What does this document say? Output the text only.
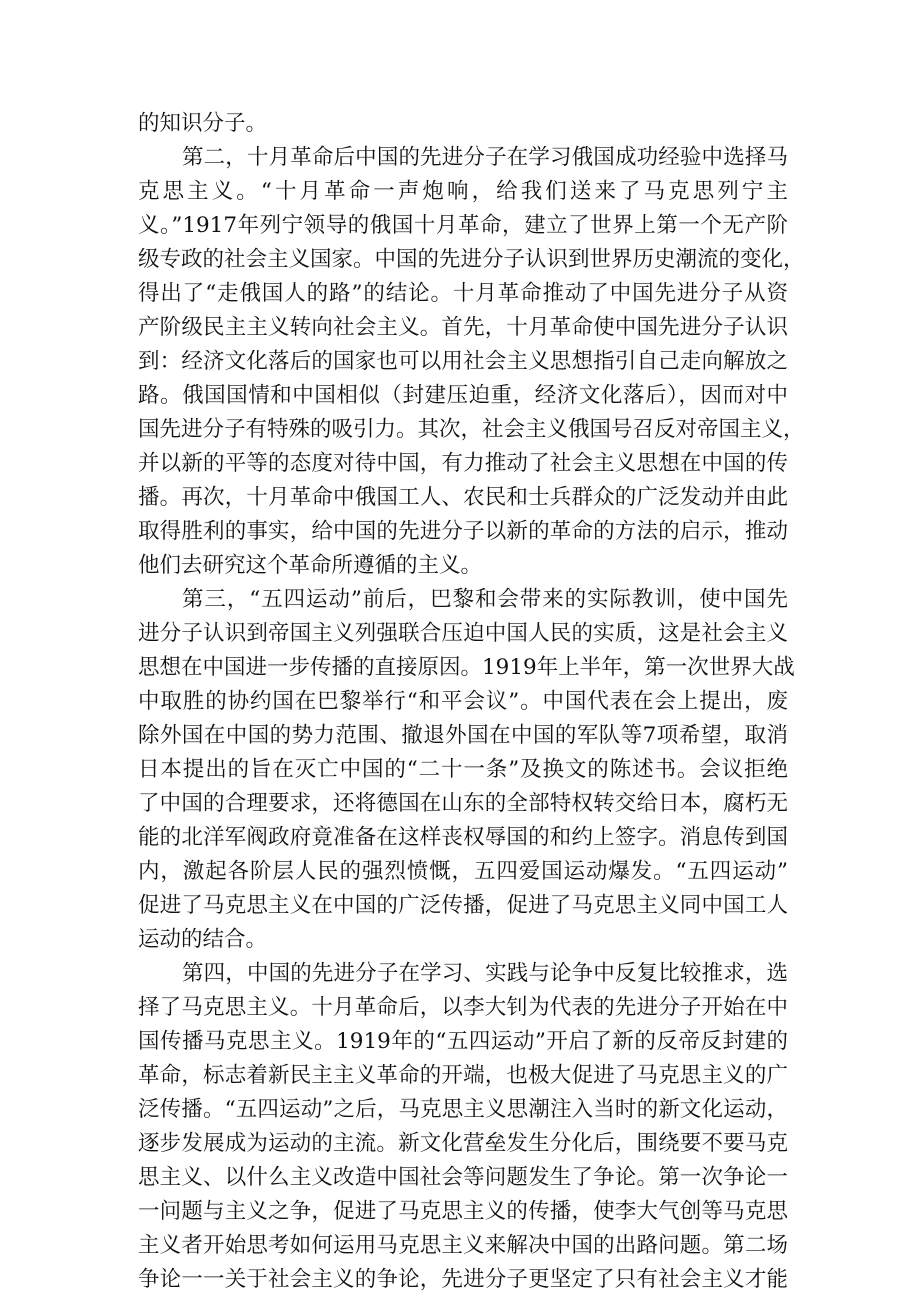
的知识分子。
第二，十月革命后中国的先进分子在学习俄国成功经验中选择马
克思主义。“十月革命一声炮响，给我们送来了马克思列宁主
义。”1917年列宁领导的俄国十月革命，建立了世界上第一个无产阶
级专政的社会主义国家。中国的先进分子认识到世界历史潮流的变化，
得出了“走俄国人的路”的结论。十月革命推动了中国先进分子从资
产阶级民主主义转向社会主义。首先，十月革命使中国先进分子认识
到：经济文化落后的国家也可以用社会主义思想指引自己走向解放之
路。俄国国情和中国相似（封建压迫重，经济文化落后），因而对中
国先进分子有特殊的吸引力。其次，社会主义俄国号召反对帝国主义，
并以新的平等的态度对待中国，有力推动了社会主义思想在中国的传
播。再次，十月革命中俄国工人、农民和士兵群众的广泛发动并由此
取得胜利的事实，给中国的先进分子以新的革命的方法的启示，推动
他们去研究这个革命所遵循的主义。
第三，“五四运动”前后，巴黎和会带来的实际教训，使中国先
进分子认识到帝国主义列强联合压迫中国人民的实质，这是社会主义
思想在中国进一步传播的直接原因。1919年上半年，第一次世界大战
中取胜的协约国在巴黎举行“和平会议”。中国代表在会上提出，废
除外国在中国的势力范围、撤退外国在中国的军队等7项希望，取消
日本提出的旨在灭亡中国的“二十一条”及换文的陈述书。会议拒绝
了中国的合理要求，还将德国在山东的全部特权转交给日本，腐朽无
能的北洋军阀政府竟准备在这样丧权辱国的和约上签字。消息传到国
内，激起各阶层人民的强烈愤慨，五四爱国运动爆发。“五四运动”
促进了马克思主义在中国的广泛传播，促进了马克思主义同中国工人
运动的结合。
第四，中国的先进分子在学习、实践与论争中反复比较推求，选
择了马克思主义。十月革命后，以李大钊为代表的先进分子开始在中
国传播马克思主义。1919年的“五四运动”开启了新的反帝反封建的
革命，标志着新民主主义革命的开端，也极大促进了马克思主义的广
泛传播。“五四运动”之后，马克思主义思潮注入当时的新文化运动，
逐步发展成为运动的主流。新文化营垒发生分化后，围绕要不要马克
思主义、以什么主义改造中国社会等问题发生了争论。第一次争论一
一问题与主义之争，促进了马克思主义的传播，使李大气创等马克思
主义者开始思考如何运用马克思主义来解决中国的出路问题。第二场
争论一一关于社会主义的争论，先进分子更坚定了只有社会主义才能
